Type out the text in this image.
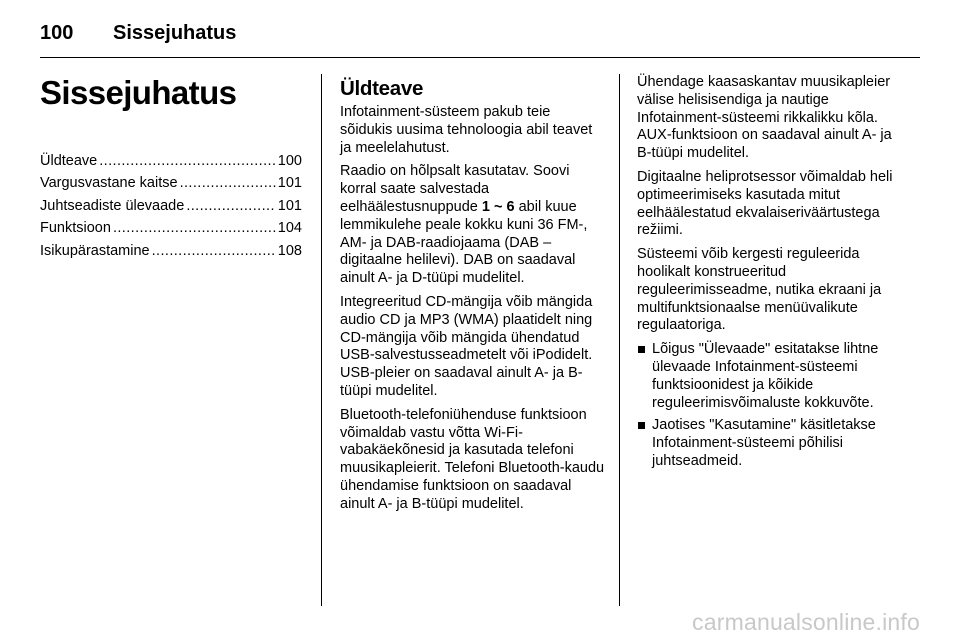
100 Sissejuhatus
Sissejuhatus
Üldteave .....	100
Vargusvastane kaitse .....	101
Juhtseadiste ülevaade .....	101
Funktsioon .....	104
Isikupärastamine .....	108
Üldteave

Infotainment-süsteem pakub teie sõidukis uusima tehnoloogia abil teavet ja meelelahutust.

Raadio on hõlpsalt kasutatav. Soovi korral saate salvestada eelhäälestusnuppude 1 ~ 6 abil kuue lemmikulehe peale kokku kuni 36 FM-, AM- ja DAB-raadiojaama (DAB – digitaalne helilevi). DAB on saadaval ainult A- ja D-tüüpi mudelitel.

Integreeritud CD-mängija võib mängida audio CD ja MP3 (WMA) plaatidelt ning CD-mängija võib mängida ühendatud USB-salvestusseadmetelt või iPodidelt. USB-pleier on saadaval ainult A- ja B-tüüpi mudelitel.

Bluetooth-telefoniühenduse funktsioon võimaldab vastu võtta Wi-Fi-vabakäekõnesid ja kasutada telefoni muusikapleierit. Telefoni Bluetooth-kaudu ühendamise funktsioon on saadaval ainult A- ja B-tüüpi mudelitel.

Ühendage kaasaskantav muusikapleier välise helisisendiga ja nautige Infotainment-süsteemi rikkalikku kõla. AUX-funktsioon on saadaval ainult A- ja B-tüüpi mudelitel.

Digitaalne heliprotsessor võimaldab heli optimeerimiseks kasutada mitut eelhäälestatud ekvalaiseriväärtustega režiimi.

Süsteemi võib kergesti reguleerida hoolikalt konstrueeritud reguleerimisseadme, nutika ekraani ja multifunktsionaalse menüüvalikute regulaatoriga.

Lõigus "Ülevaade" esitatakse lihtne ülevaade Infotainment-süsteemi funktsioonidest ja kõikide reguleerimisvõimaluste kokkuvõte.
Jaotises "Kasutamine" käsitletakse Infotainment-süsteemi põhilisi juhtseadmeid.
carmanualsonline.info
